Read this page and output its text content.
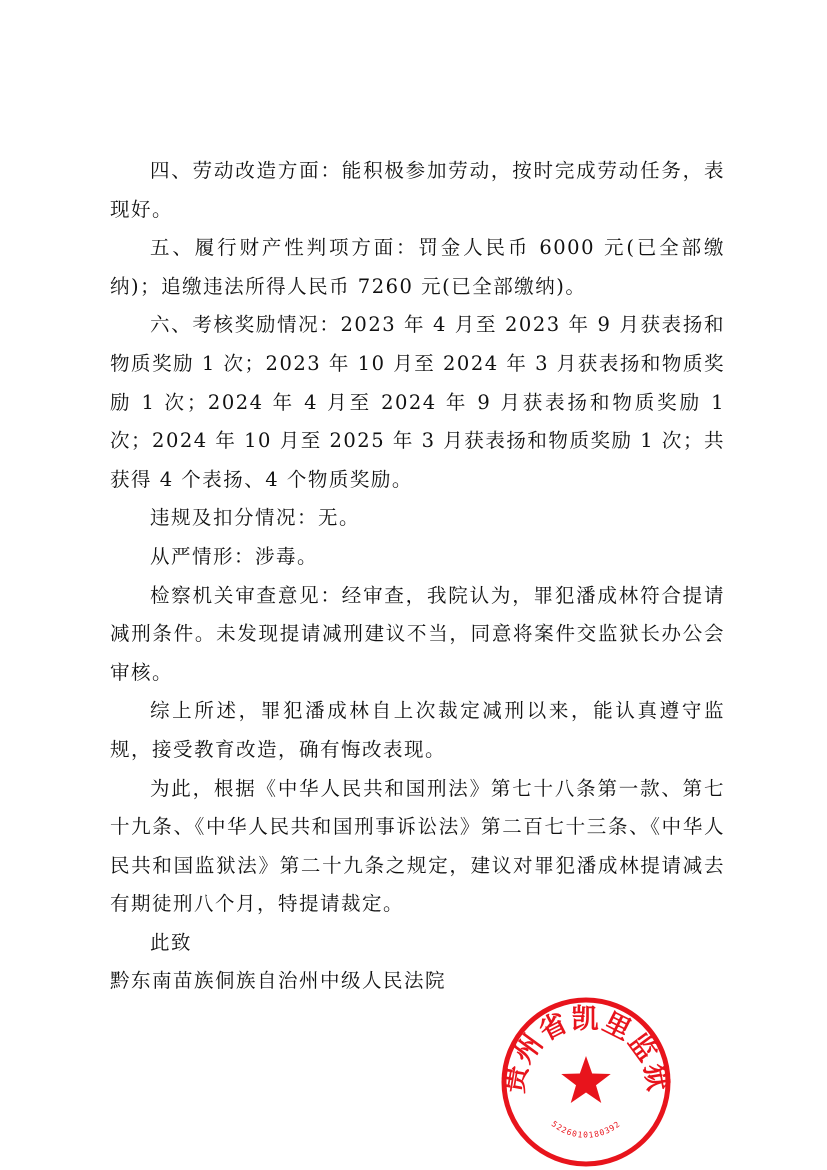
四、劳动改造方面：能积极参加劳动，按时完成劳动任务，表现好。

五、履行财产性判项方面：罚金人民币 6000 元(已全部缴纳)；追缴违法所得人民币 7260 元(已全部缴纳)。

六、考核奖励情况：2023 年 4 月至 2023 年 9 月获表扬和物质奖励 1 次；2023 年 10 月至 2024 年 3 月获表扬和物质奖励 1 次；2024 年 4 月至 2024 年 9 月获表扬和物质奖励 1 次；2024 年 10 月至 2025 年 3 月获表扬和物质奖励 1 次；共获得 4 个表扬、4 个物质奖励。

违规及扣分情况：无。

从严情形：涉毒。

检察机关审查意见：经审查，我院认为，罪犯潘成林符合提请减刑条件。未发现提请减刑建议不当，同意将案件交监狱长办公会审核。

综上所述，罪犯潘成林自上次裁定减刑以来，能认真遵守监规，接受教育改造，确有悔改表现。

为此，根据《中华人民共和国刑法》第七十八条第一款、第七十九条、《中华人民共和国刑事诉讼法》第二百七十三条、《中华人民共和国监狱法》第二十九条之规定，建议对罪犯潘成林提请减去有期徒刑八个月，特提请裁定。

此致

黔东南苗族侗族自治州中级人民法院

贵州省凯里监狱
5226010180392
